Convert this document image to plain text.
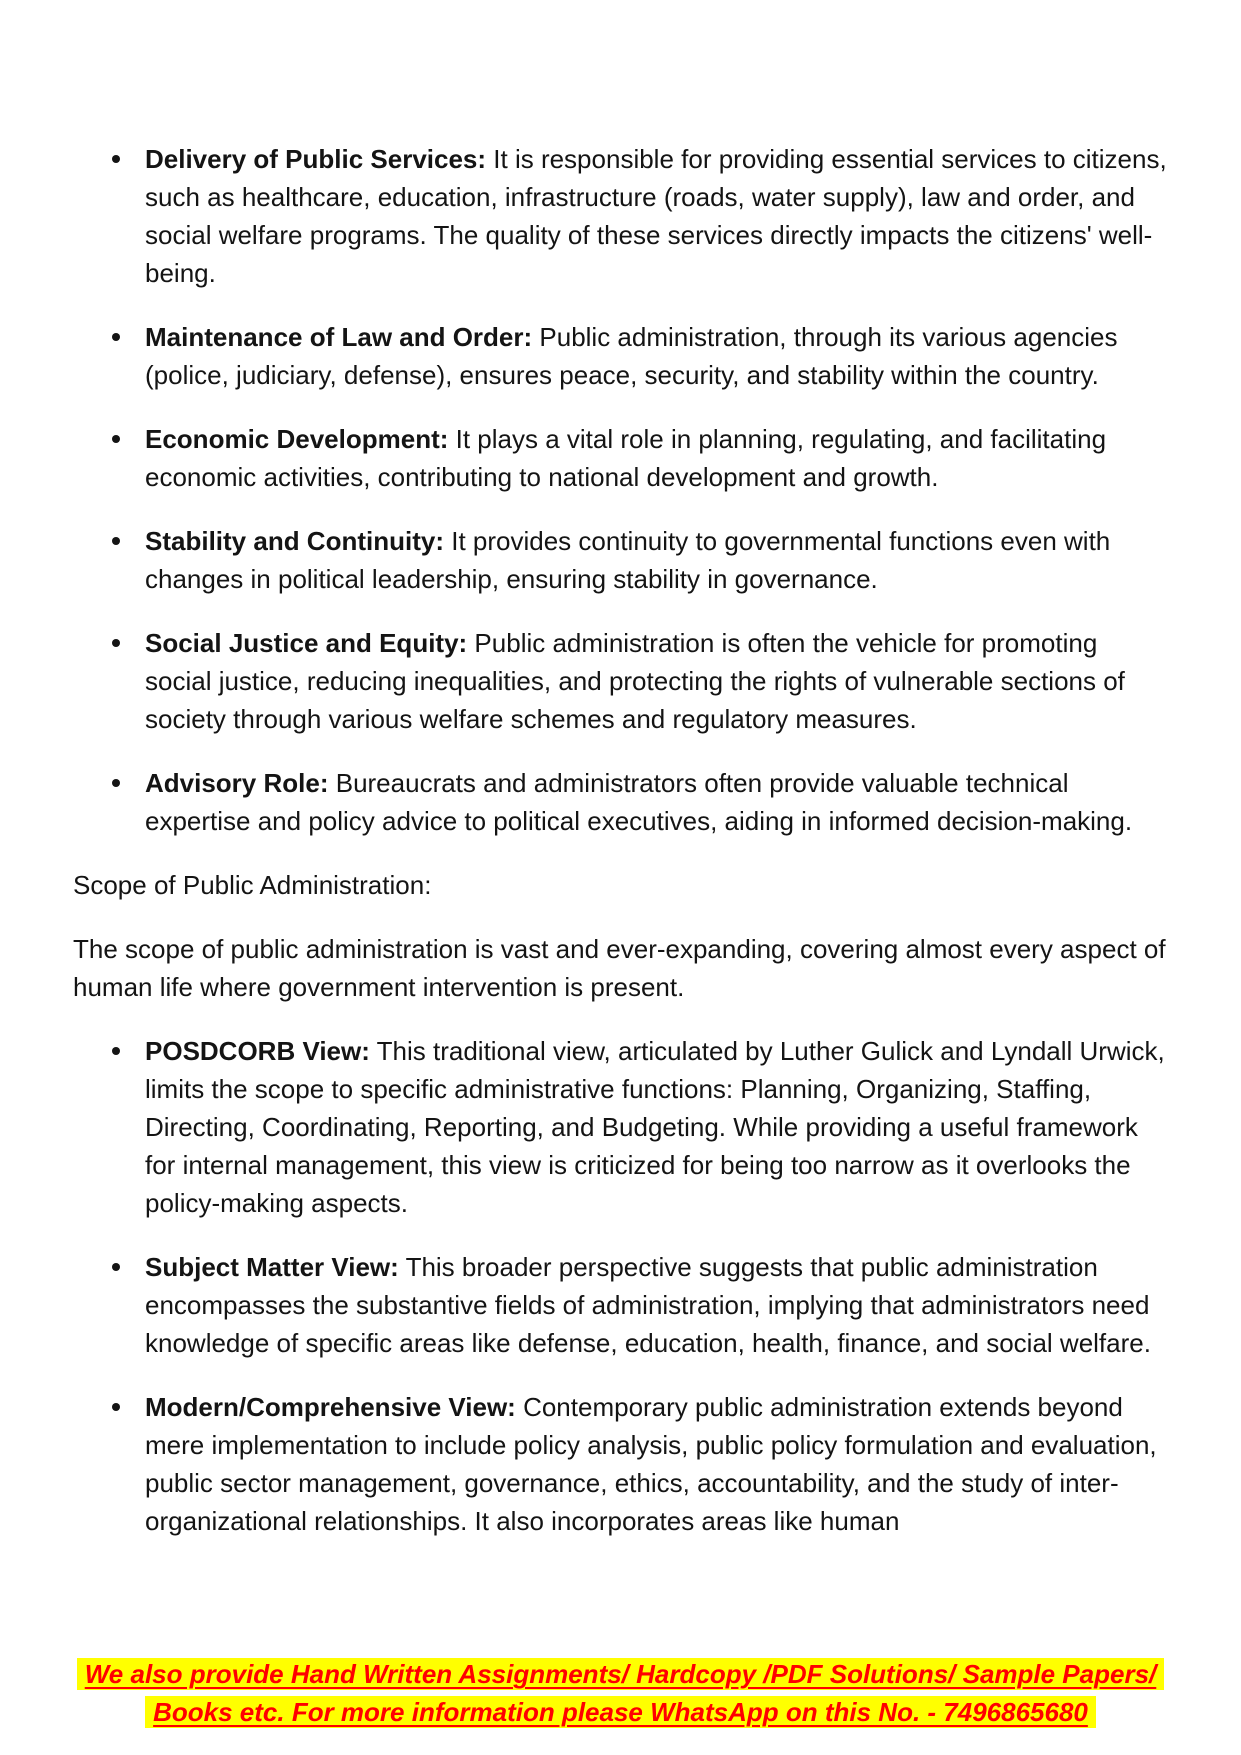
Delivery of Public Services: It is responsible for providing essential services to citizens, such as healthcare, education, infrastructure (roads, water supply), law and order, and social welfare programs. The quality of these services directly impacts the citizens' well-being.
Maintenance of Law and Order: Public administration, through its various agencies (police, judiciary, defense), ensures peace, security, and stability within the country.
Economic Development: It plays a vital role in planning, regulating, and facilitating economic activities, contributing to national development and growth.
Stability and Continuity: It provides continuity to governmental functions even with changes in political leadership, ensuring stability in governance.
Social Justice and Equity: Public administration is often the vehicle for promoting social justice, reducing inequalities, and protecting the rights of vulnerable sections of society through various welfare schemes and regulatory measures.
Advisory Role: Bureaucrats and administrators often provide valuable technical expertise and policy advice to political executives, aiding in informed decision-making.

Scope of Public Administration:

The scope of public administration is vast and ever-expanding, covering almost every aspect of human life where government intervention is present.

POSDCORB View: This traditional view, articulated by Luther Gulick and Lyndall Urwick, limits the scope to specific administrative functions: Planning, Organizing, Staffing, Directing, Coordinating, Reporting, and Budgeting. While providing a useful framework for internal management, this view is criticized for being too narrow as it overlooks the policy-making aspects.
Subject Matter View: This broader perspective suggests that public administration encompasses the substantive fields of administration, implying that administrators need knowledge of specific areas like defense, education, health, finance, and social welfare.
Modern/Comprehensive View: Contemporary public administration extends beyond mere implementation to include policy analysis, public policy formulation and evaluation, public sector management, governance, ethics, accountability, and the study of inter-organizational relationships. It also incorporates areas like human
We also provide Hand Written Assignments/ Hardcopy /PDF Solutions/ Sample Papers/
Books etc. For more information please WhatsApp on this No. - 7496865680
